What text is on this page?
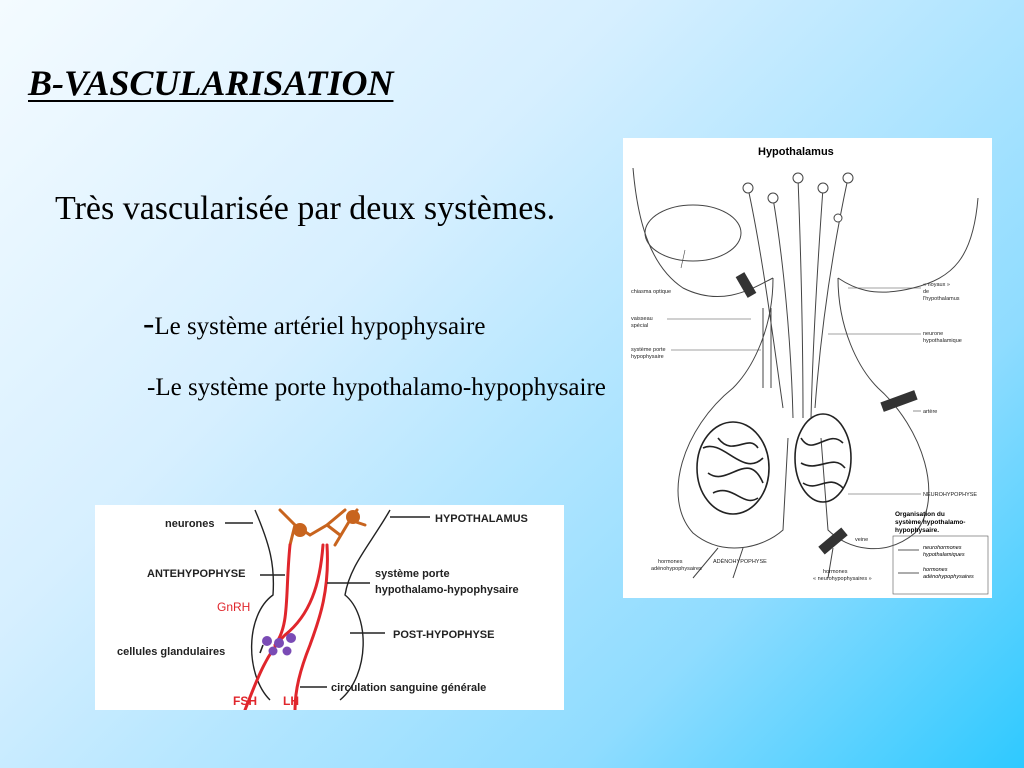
B-VASCULARISATION

Très vascularisée par deux systèmes.

-Le système artériel hypophysaire
-Le système porte hypothalamo-hypophysaire
Hypothalamus
chiasma optique
vaisseau
spécial
système porte
hypophysaire
« noyaux »
de
l'hypothalamus
neurone
hypothalamique
artère
NEUROHYPOPHYSE
ADÉNOHYPOPHYSE
veine
hormones
adénohypophysaires	hormones
« neurohypophysaires »
Organisation du
système hypothalamo-
hypophysaire.
neurohormones
hypothalamiques
hormones
adénohypophysaires
neurones	HYPOTHALAMUS
ANTEHYPOPHYSE	système porte
hypothalamo-hypophysaire
GnRH
POST-HYPOPHYSE
cellules glandulaires
circulation sanguine générale
FSH LH
